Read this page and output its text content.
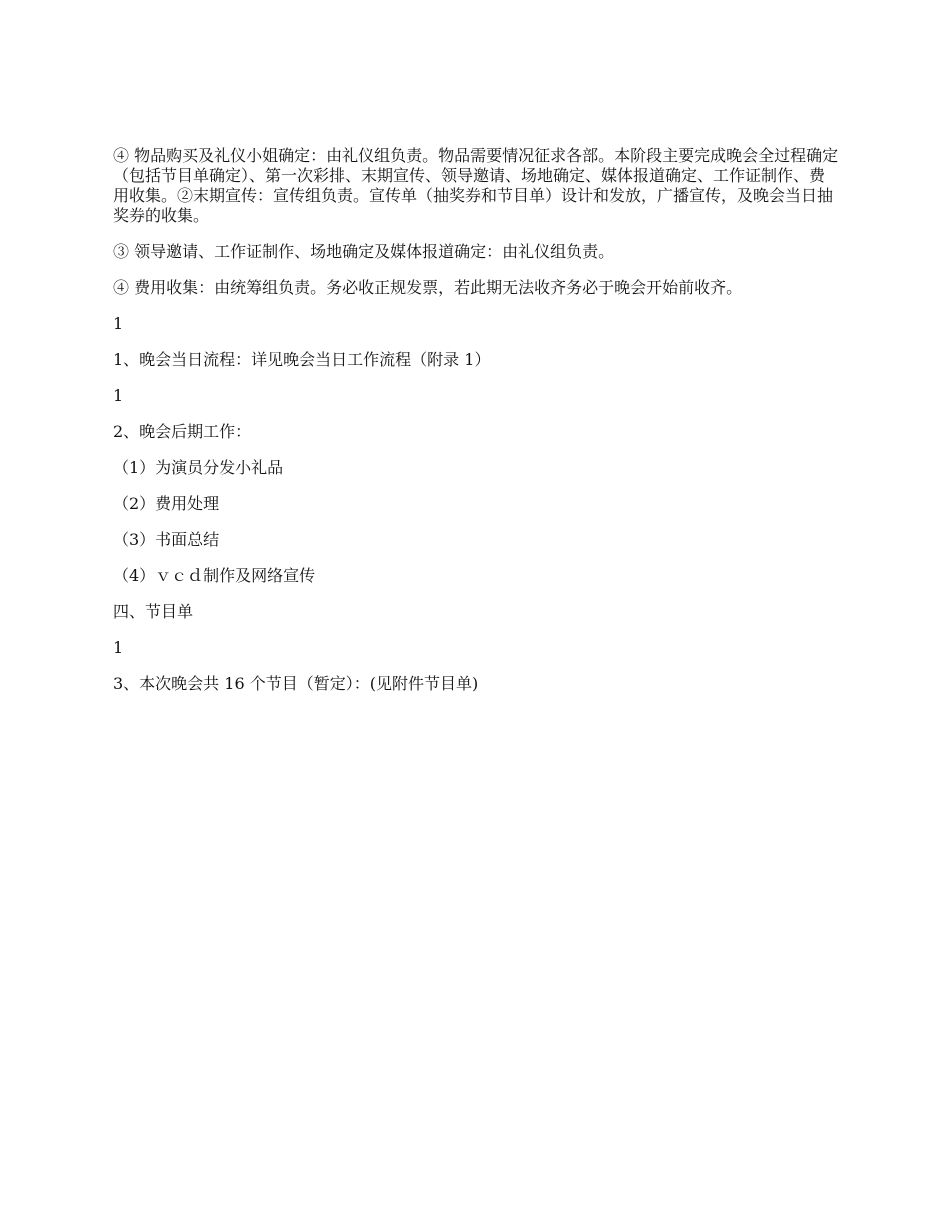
④ 物品购买及礼仪小姐确定：由礼仪组负责。物品需要情况征求各部。本阶段主要完成晚会全过程确定（包括节目单确定）、第一次彩排、末期宣传、领导邀请、场地确定、媒体报道确定、工作证制作、费用收集。②末期宣传：宣传组负责。宣传单（抽奖券和节目单）设计和发放，广播宣传，及晚会当日抽奖券的收集。

③ 领导邀请、工作证制作、场地确定及媒体报道确定：由礼仪组负责。

④ 费用收集：由统筹组负责。务必收正规发票，若此期无法收齐务必于晚会开始前收齐。

1

1、晚会当日流程：详见晚会当日工作流程（附录 1）

1

2、晚会后期工作：

（1）为演员分发小礼品

（2）费用处理

（3）书面总结

（4）ｖｃｄ制作及网络宣传

四、节目单

1

3、本次晚会共 16 个节目（暂定）：(见附件节目单)
